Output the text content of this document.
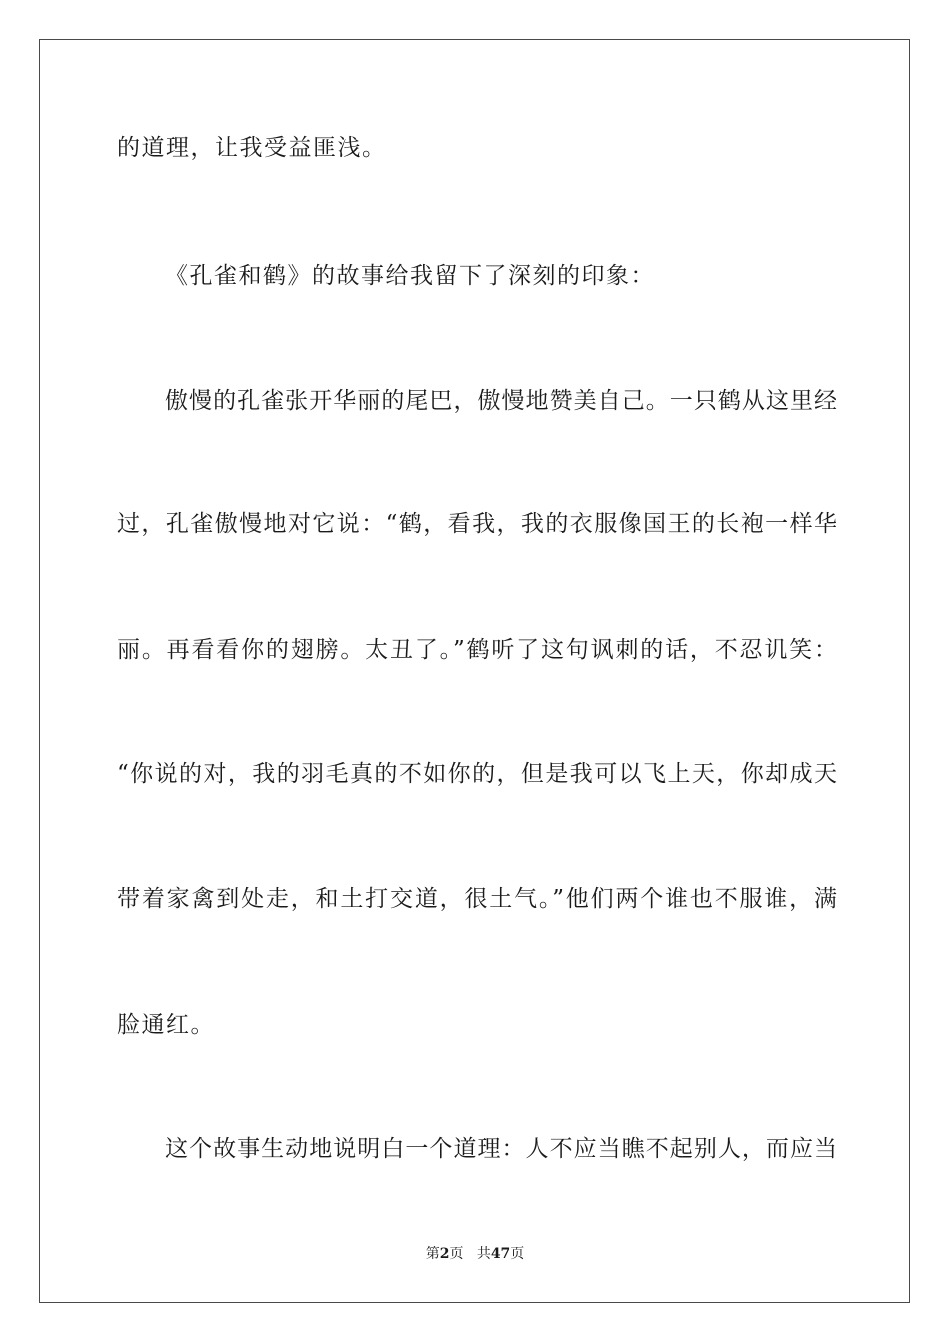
的道理，让我受益匪浅。
《孔雀和鹤》的故事给我留下了深刻的印象：
傲慢的孔雀张开华丽的尾巴，傲慢地赞美自己。一只鹤从这里经
过，孔雀傲慢地对它说：“鹤，看我，我的衣服像国王的长袍一样华
丽。再看看你的翅膀。太丑了。”鹤听了这句讽刺的话，不忍讥笑：
“你说的对，我的羽毛真的不如你的，但是我可以飞上天，你却成天
带着家禽到处走，和土打交道，很土气。”他们两个谁也不服谁，满
脸通红。
这个故事生动地说明白一个道理：人不应当瞧不起别人，而应当
第2页 共47页
